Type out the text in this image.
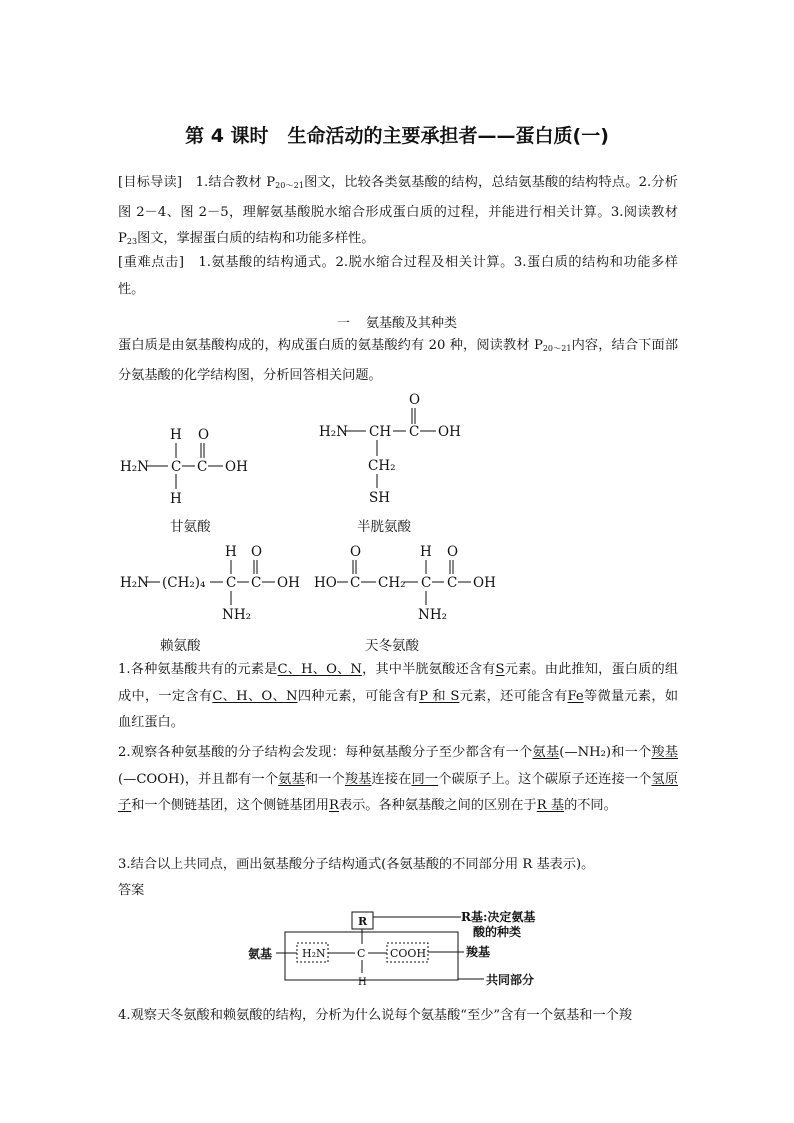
第 4 课时　生命活动的主要承担者——蛋白质(一)
[目标导读]　1.结合教材 $P_{20\sim 21}$图文，比较各类氨基酸的结构，总结氨基酸的结构特点。2.分析图 2－4、图 2－5，理解氨基酸脱水缩合形成蛋白质的过程，并能进行相关计算。3.阅读教材 $P_{23}$图文，掌握蛋白质的结构和功能多样性。
[重难点击]　1.氨基酸的结构通式。2.脱水缩合过程及相关计算。3.蛋白质的结构和功能多样性。
一 氨基酸及其种类
蛋白质是由氨基酸构成的，构成蛋白质的氨基酸约有 20 种，阅读教材 $P_{20\sim 21}$内容，结合下面部分氨基酸的化学结构图，分析回答相关问题。
H O
H₂N C C OH
H
O
H₂N CH C OH
CH₂
SH
H O
H₂N (CH₂)₄ C C OH
NH₂
O	H O
HO C CH₂ C C OH
NH₂
甘氨酸	半胱氨酸
赖氨酸	天冬氨酸
1.各种氨基酸共有的元素是C、H、O、N，其中半胱氨酸还含有S元素。由此推知，蛋白质的组成中，一定含有C、H、O、N四种元素，可能含有P 和 S元素，还可能含有Fe等微量元素，如血红蛋白。
2.观察各种氨基酸的分子结构会发现：每种氨基酸分子至少都含有一个氨基(—NH₂)和一个羧基(—COOH)，并且都有一个氨基和一个羧基连接在同一个碳原子上。这个碳原子还连接一个氢原子和一个侧链基团，这个侧链基团用R表示。各种氨基酸之间的区别在于R 基的不同。
3.结合以上共同点，画出氨基酸分子结构通式(各氨基酸的不同部分用 R 基表示)。
答案
R
H₂N	C COOH
H
R基:决定氨基
酸的种类
氨基	羧基
共同部分
4.观察天冬氨酸和赖氨酸的结构，分析为什么说每个氨基酸“至少”含有一个氨基和一个羧
